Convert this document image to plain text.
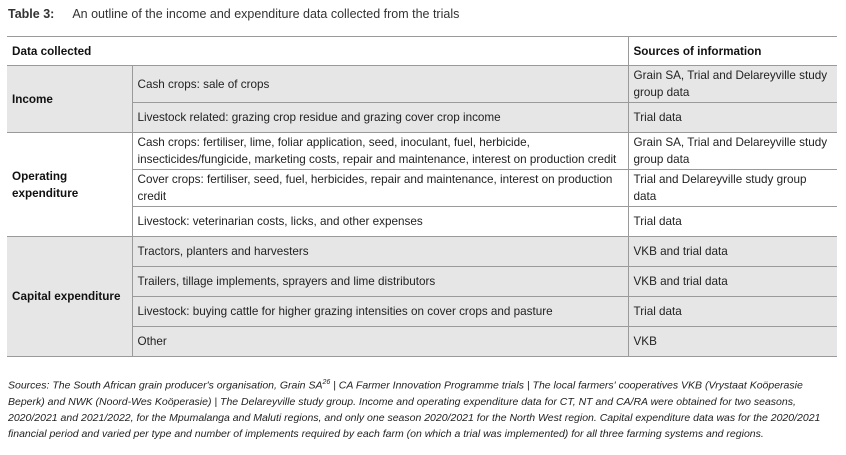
Table 3: An outline of the income and expenditure data collected from the trials
Data collected		Sources of information
Income	Cash crops: sale of crops	Grain SA, Trial and Delareyville study group data
	Livestock related: grazing crop residue and grazing cover crop income	Trial data
Operating expenditure	Cash crops: fertiliser, lime, foliar application, seed, inoculant, fuel, herbicide, insecticides/fungicide, marketing costs, repair and maintenance, interest on production credit	Grain SA, Trial and Delareyville study group data
	Cover crops: fertiliser, seed, fuel, herbicides, repair and maintenance, interest on production credit	Trial and Delareyville study group data
	Livestock: veterinarian costs, licks, and other expenses	Trial data
Capital expenditure	Tractors, planters and harvesters	VKB and trial data
	Trailers, tillage implements, sprayers and lime distributors	VKB and trial data
	Livestock: buying cattle for higher grazing intensities on cover crops and pasture	Trial data
	Other	VKB
Sources: The South African grain producer's organisation, Grain SA$^{26}$ | CA Farmer Innovation Programme trials | The local farmers' cooperatives VKB (Vrystaat Koöperasie Beperk) and NWK (Noord-Wes Koöperasie) | The Delareyville study group. Income and operating expenditure data for CT, NT and CA/RA were obtained for two seasons, 2020/2021 and 2021/2022, for the Mpumalanga and Maluti regions, and only one season 2020/2021 for the North West region. Capital expenditure data was for the 2020/2021 financial period and varied per type and number of implements required by each farm (on which a trial was implemented) for all three farming systems and regions.
